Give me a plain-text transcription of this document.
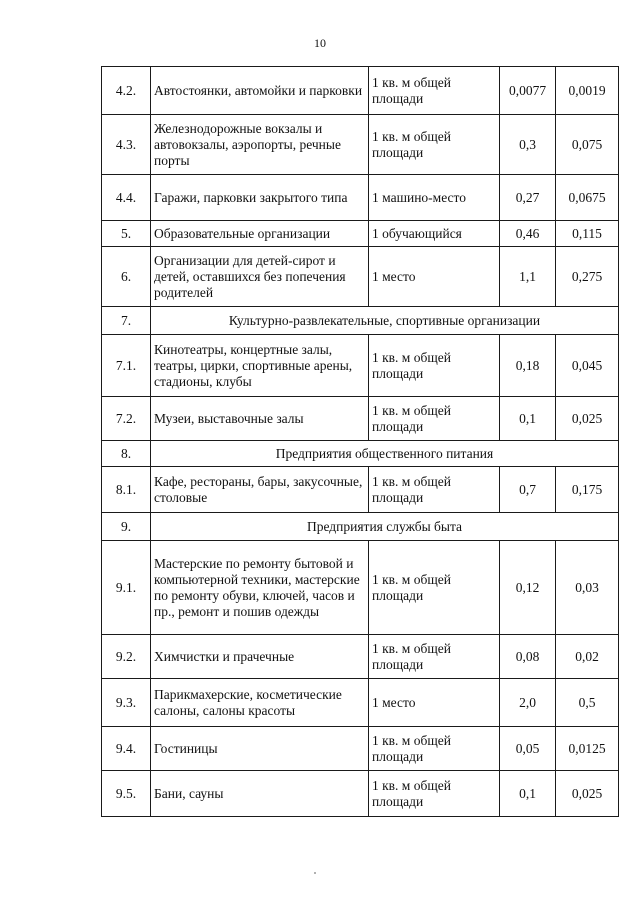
10
4.2.	Автостоянки, автомойки и парковки	1 кв. м общей площади	0,0077	0,0019
4.3.	Железнодорожные вокзалы и автовокзалы, аэропорты, речные порты	1 кв. м общей площади	0,3	0,075
4.4.	Гаражи, парковки закрытого типа	1 машино-место	0,27	0,0675
5.	Образовательные организации	1 обучающийся	0,46	0,115
6.	Организации для детей-сирот и детей, оставшихся без попечения родителей	1 место	1,1	0,275
7.	Культурно-развлекательные, спортивные организации			
7.1.	Кинотеатры, концертные залы, театры, цирки, спортивные арены, стадионы, клубы	1 кв. м общей площади	0,18	0,045
7.2.	Музеи, выставочные залы	1 кв. м общей площади	0,1	0,025
8.	Предприятия общественного питания			
8.1.	Кафе, рестораны, бары, закусочные, столовые	1 кв. м общей площади	0,7	0,175
9.	Предприятия службы быта			
9.1.	Мастерские по ремонту бытовой и компьютерной техники, мастерские по ремонту обуви, ключей, часов и пр., ремонт и пошив одежды	1 кв. м общей площади	0,12	0,03
9.2.	Химчистки и прачечные	1 кв. м общей площади	0,08	0,02
9.3.	Парикмахерские, косметические салоны, салоны красоты	1 место	2,0	0,5
9.4.	Гостиницы	1 кв. м общей площади	0,05	0,0125
9.5.	Бани, сауны	1 кв. м общей площади	0,1	0,025
